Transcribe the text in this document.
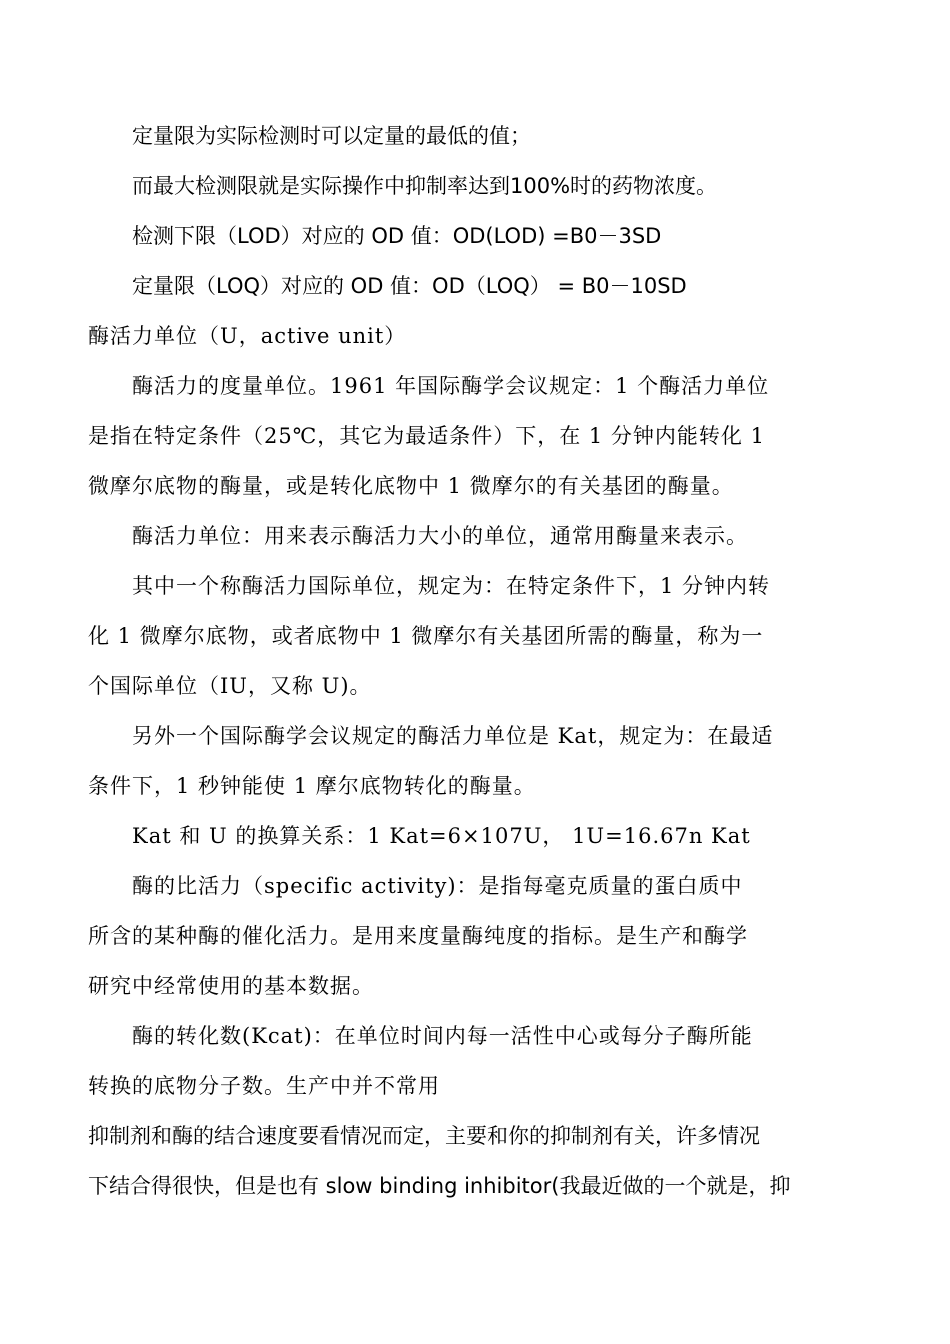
定量限为实际检测时可以定量的最低的值；
而最大检测限就是实际操作中抑制率达到100%时的药物浓度。
检测下限（LOD）对应的 OD 值：OD(LOD) =B0－3SD
定量限（LOQ）对应的 OD 值：OD（LOQ） = B0－10SD
酶活力单位（U，active unit）
酶活力的度量单位。1961 年国际酶学会议规定：1 个酶活力单位
是指在特定条件（25℃，其它为最适条件）下，在 1 分钟内能转化 1
微摩尔底物的酶量，或是转化底物中 1 微摩尔的有关基团的酶量。
酶活力单位：用来表示酶活力大小的单位，通常用酶量来表示。
其中一个称酶活力国际单位，规定为：在特定条件下，1 分钟内转
化 1 微摩尔底物，或者底物中 1 微摩尔有关基团所需的酶量，称为一
个国际单位（IU，又称 U)。
另外一个国际酶学会议规定的酶活力单位是 Kat，规定为：在最适
条件下，1 秒钟能使 1 摩尔底物转化的酶量。
Kat 和 U 的换算关系：1 Kat=6×107U， 1U=16.67n Kat
酶的比活力（specific activity)：是指每毫克质量的蛋白质中
所含的某种酶的催化活力。是用来度量酶纯度的指标。是生产和酶学
研究中经常使用的基本数据。
酶的转化数(Kcat)：在单位时间内每一活性中心或每分子酶所能
转换的底物分子数。生产中并不常用
抑制剂和酶的结合速度要看情况而定，主要和你的抑制剂有关，许多情况
下结合得很快，但是也有 slow binding inhibitor(我最近做的一个就是，抑
